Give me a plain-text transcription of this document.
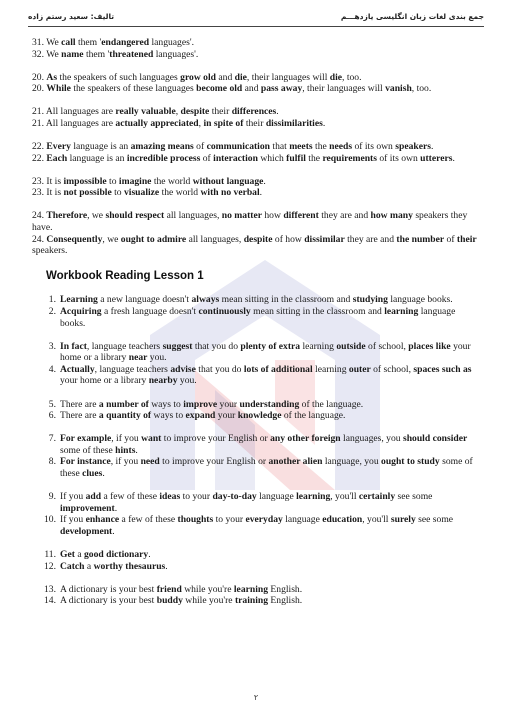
تالیف: سعید رستم زاده	جمع بندی لغات زبان انگلیسی یازدهـــم

31. We call them 'endangered languages'.

32. We name them 'threatened languages'.

20. As the speakers of such languages grow old and die, their languages will die, too.

20. While the speakers of these languages become old and pass away, their languages will vanish, too.

21. All languages are really valuable, despite their differences.

21. All languages are actually appreciated, in spite of their dissimilarities.

22. Every language is an amazing means of communication that meets the needs of its own speakers.

22. Each language is an incredible process of interaction which fulfil the requirements of its own utterers.

23. It is impossible to imagine the world without language.

23. It is not possible to visualize the world with no verbal.

24. Therefore, we should respect all languages, no matter how different they are and how many speakers they have.

24. Consequently, we ought to admire all languages, despite of how dissimilar they are and the number of their speakers.

Workbook Reading Lesson 1

1. Learning a new language doesn't always mean sitting in the classroom and studying language books.

2. Acquiring a fresh language doesn't continuously mean sitting in the classroom and learning language books.

3. In fact, language teachers suggest that you do plenty of extra learning outside of school, places like your home or a library near you.

4. Actually, language teachers advise that you do lots of additional learning outer of school, spaces such as your home or a library nearby you.

5. There are a number of ways to improve your understanding of the language.

6. There are a quantity of ways to expand your knowledge of the language.

7. For example, if you want to improve your English or any other foreign languages, you should consider some of these hints.

8. For instance, if you need to improve your English or another alien language, you ought to study some of these clues.

9. If you add a few of these ideas to your day-to-day language learning, you'll certainly see some improvement.

10. If you enhance a few of these thoughts to your everyday language education, you'll surely see some development.

11. Get a good dictionary.

12. Catch a worthy thesaurus.

13. A dictionary is your best friend while you're learning English.

14. A dictionary is your best buddy while you're training English.

۲
